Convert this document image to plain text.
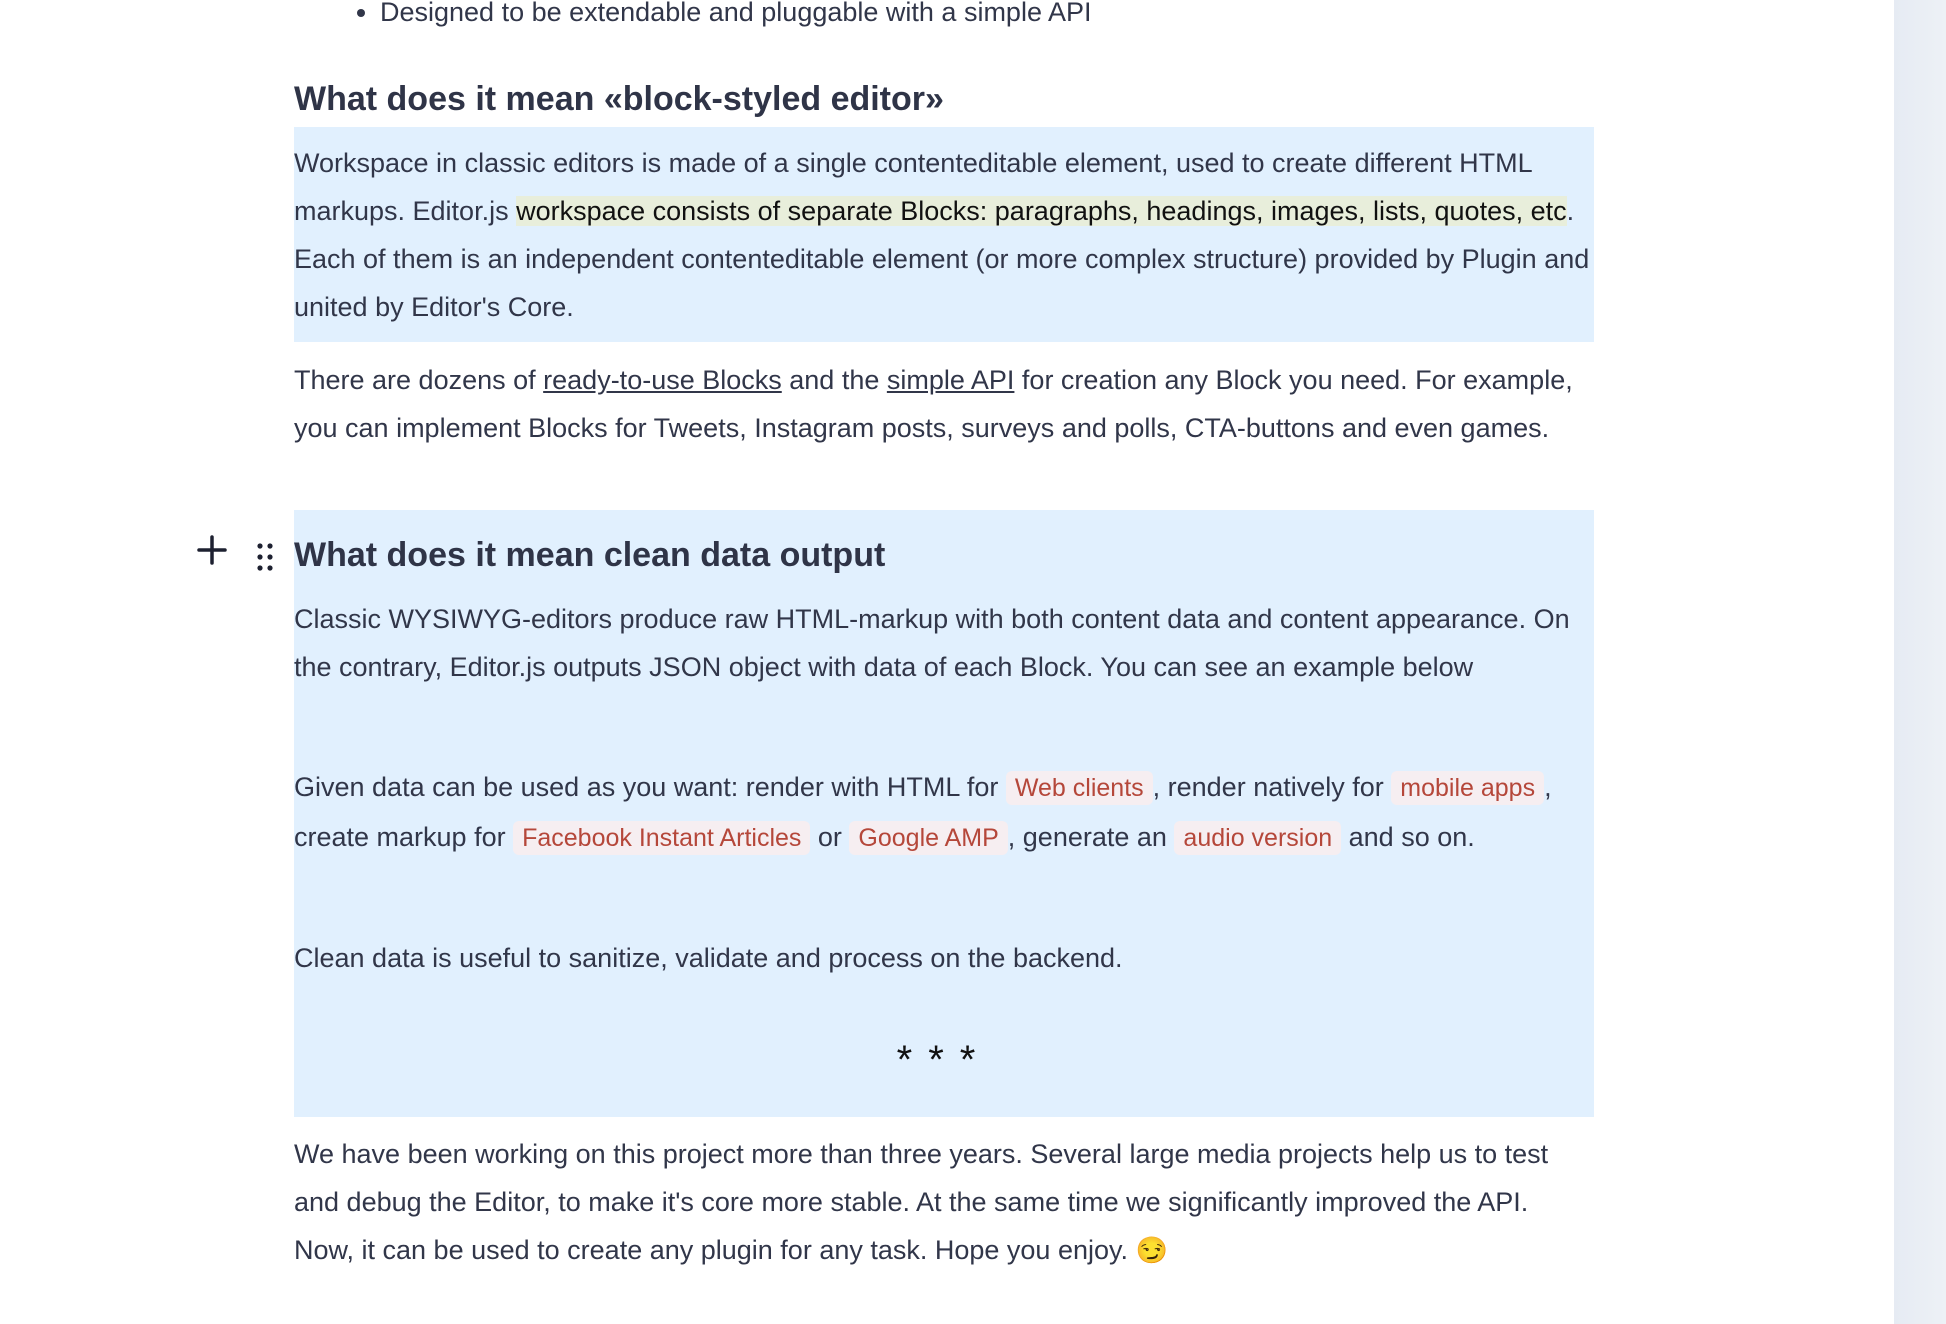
• Designed to be extendable and pluggable with a simple API
What does it mean «block-styled editor»
Workspace in classic editors is made of a single contenteditable element, used to create different HTML markups. Editor.js workspace consists of separate Blocks: paragraphs, headings, images, lists, quotes, etc. Each of them is an independent contenteditable element (or more complex structure) provided by Plugin and united by Editor's Core.
There are dozens of ready-to-use Blocks and the simple API for creation any Block you need. For example, you can implement Blocks for Tweets, Instagram posts, surveys and polls, CTA-buttons and even games.
What does it mean clean data output
Classic WYSIWYG-editors produce raw HTML-markup with both content data and content appearance. On the contrary, Editor.js outputs JSON object with data of each Block. You can see an example below
Given data can be used as you want: render with HTML for Web clients , render natively for mobile apps , create markup for Facebook Instant Articles or Google AMP , generate an audio version and so on.
Clean data is useful to sanitize, validate and process on the backend.
***
We have been working on this project more than three years. Several large media projects help us to test and debug the Editor, to make it's core more stable. At the same time we significantly improved the API. Now, it can be used to create any plugin for any task. Hope you enjoy. 😏
